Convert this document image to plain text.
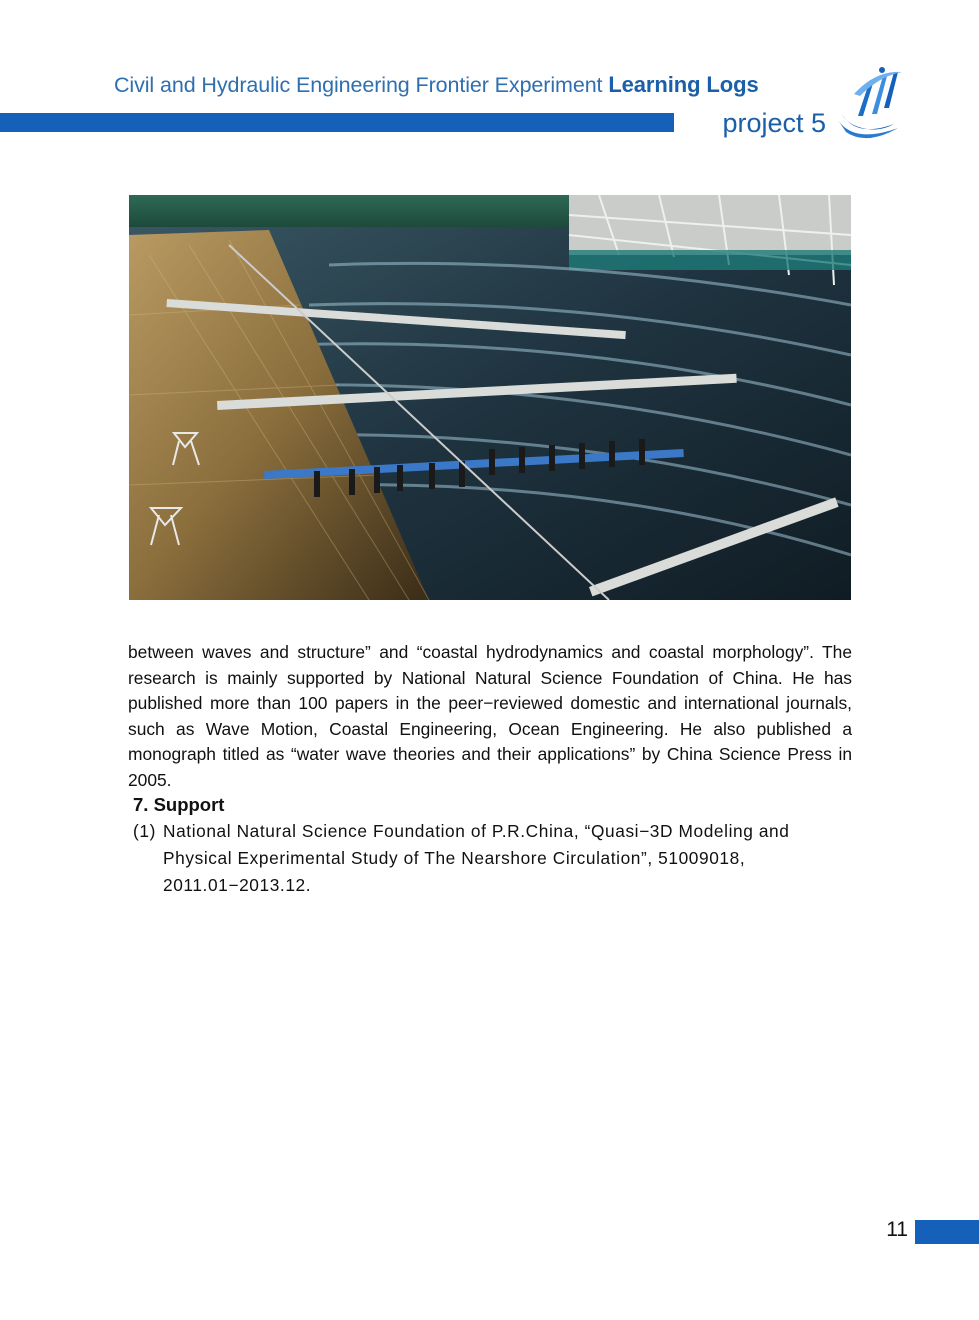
Civil and Hydraulic Engineering Frontier Experiment Learning Logs
project 5
between waves and structure” and “coastal hydrodynamics and coastal morphology”. The research is mainly supported by National Natural Science Foundation of China. He has published more than 100 papers in the peer−reviewed domestic and international journals, such as Wave Motion, Coastal Engineering, Ocean Engineering. He also published a monograph titled as “water wave theories and their applications” by China Science Press in 2005.
7. Support
(1) National Natural Science Foundation of P.R.China, “Quasi−3D Modeling and Physical Experimental Study of The Nearshore Circulation”, 51009018, 2011.01−2013.12.
11
